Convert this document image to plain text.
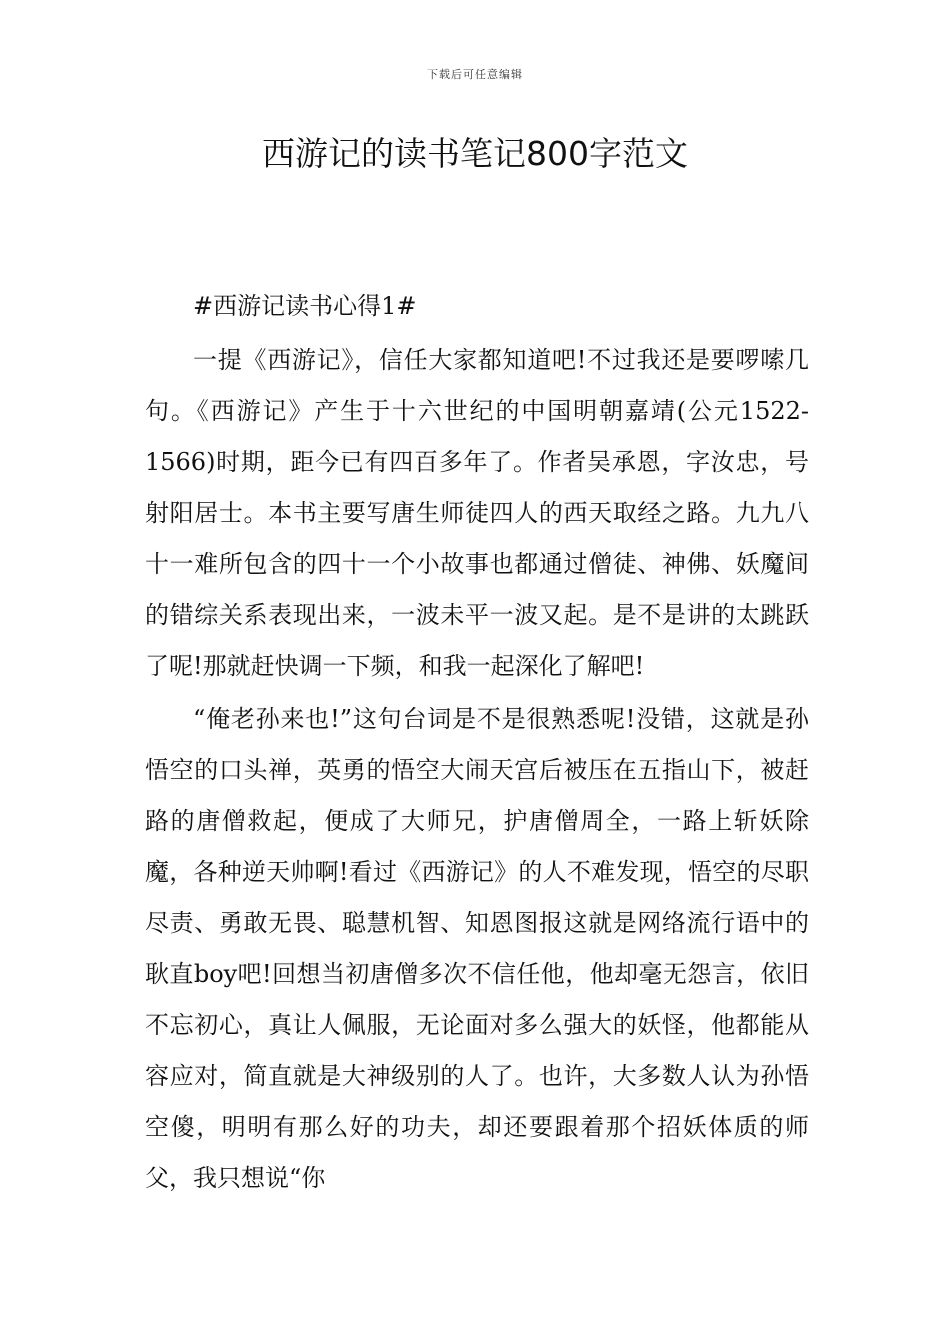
下载后可任意编辑
西游记的读书笔记800字范文

#西游记读书心得1#

一提《西游记》，信任大家都知道吧!不过我还是要啰嗦几句。《西游记》产生于十六世纪的中国明朝嘉靖(公元1522-1566)时期，距今已有四百多年了。作者吴承恩，字汝忠，号射阳居士。本书主要写唐生师徒四人的西天取经之路。九九八十一难所包含的四十一个小故事也都通过僧徒、神佛、妖魔间的错综关系表现出来，一波未平一波又起。是不是讲的太跳跃了呢!那就赶快调一下频，和我一起深化了解吧!

“俺老孙来也!”这句台词是不是很熟悉呢!没错，这就是孙悟空的口头禅，英勇的悟空大闹天宫后被压在五指山下，被赶路的唐僧救起，便成了大师兄，护唐僧周全，一路上斩妖除魔，各种逆天帅啊!看过《西游记》的人不难发现，悟空的尽职尽责、勇敢无畏、聪慧机智、知恩图报这就是网络流行语中的耿直boy吧!回想当初唐僧多次不信任他，他却毫无怨言，依旧不忘初心，真让人佩服，无论面对多么强大的妖怪，他都能从容应对，简直就是大神级别的人了。也许，大多数人认为孙悟空傻，明明有那么好的功夫，却还要跟着那个招妖体质的师父，我只想说“你
